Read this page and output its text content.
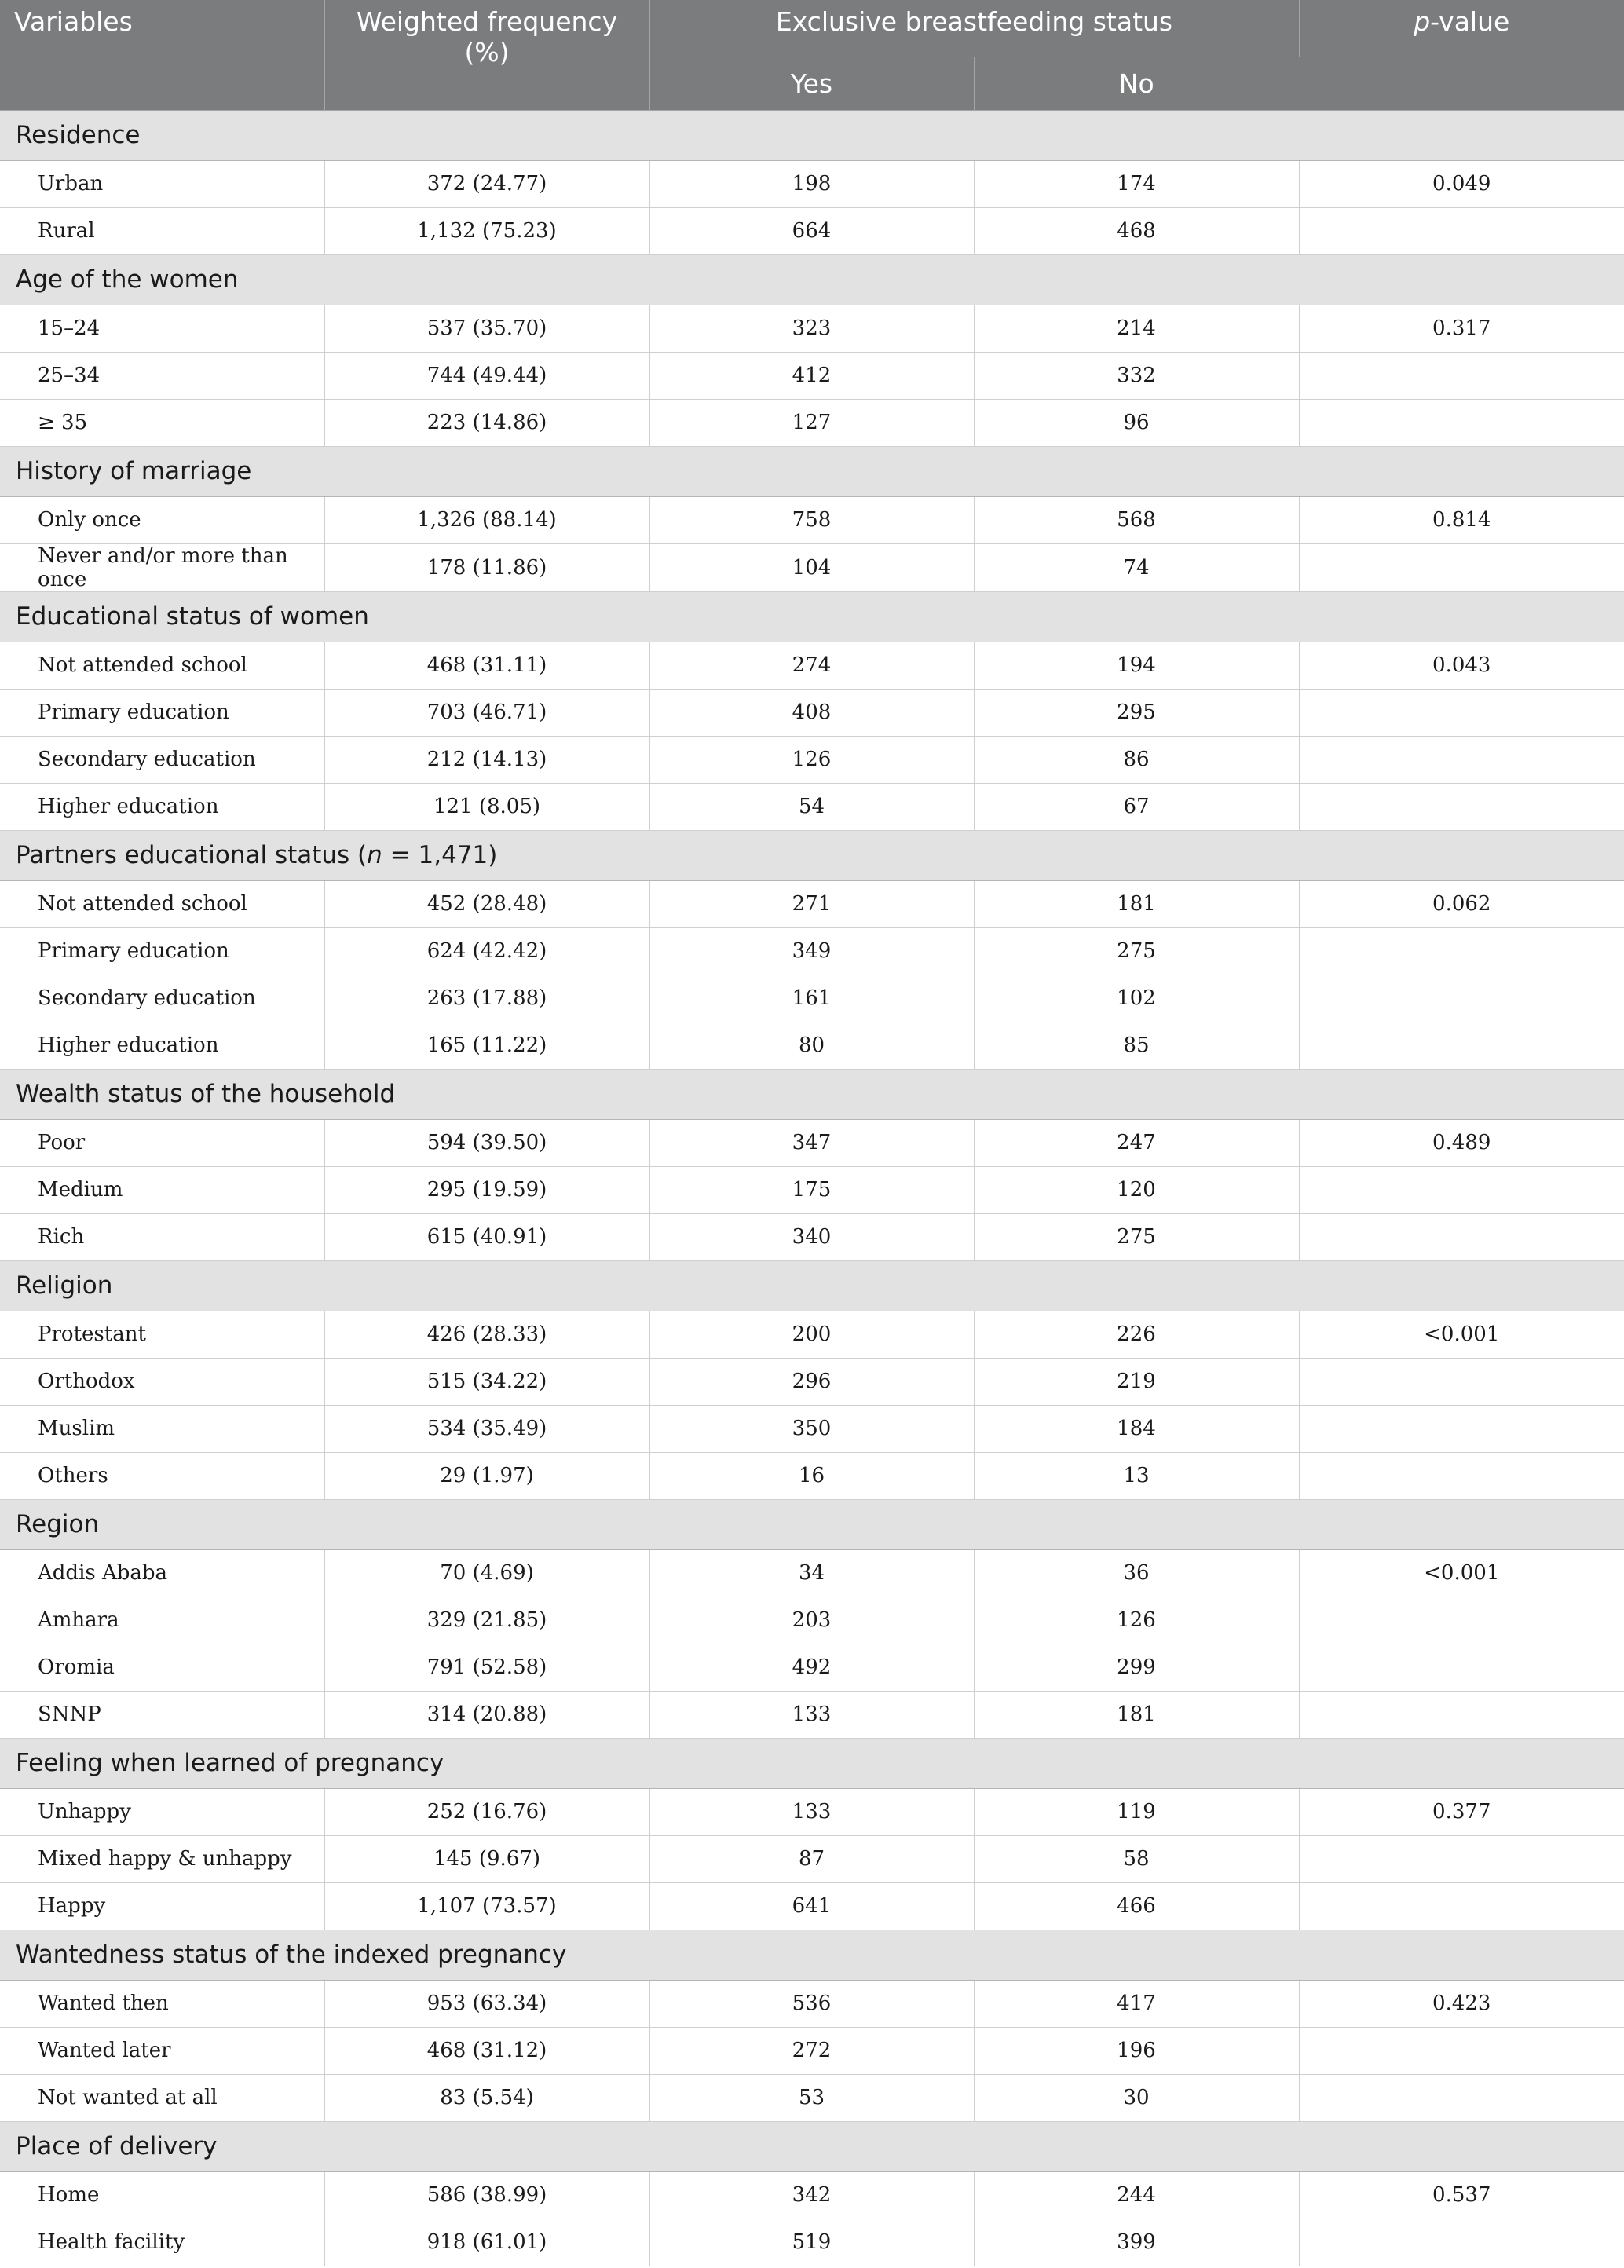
Variables	Weighted frequency (%)	Exclusive breastfeeding status		p-value
		Yes	No	
Residence				
Urban	372 (24.77)	198	174	0.049
Rural	1,132 (75.23)	664	468	
Age of the women				
15–24	537 (35.70)	323	214	0.317
25–34	744 (49.44)	412	332	
≥ 35	223 (14.86)	127	96	
History of marriage				
Only once	1,326 (88.14)	758	568	0.814
Never and/or more than once	178 (11.86)	104	74	
Educational status of women				
Not attended school	468 (31.11)	274	194	0.043
Primary education	703 (46.71)	408	295	
Secondary education	212 (14.13)	126	86	
Higher education	121 (8.05)	54	67	
Partners educational status (n = 1,471)				
Not attended school	452 (28.48)	271	181	0.062
Primary education	624 (42.42)	349	275	
Secondary education	263 (17.88)	161	102	
Higher education	165 (11.22)	80	85	
Wealth status of the household				
Poor	594 (39.50)	347	247	0.489
Medium	295 (19.59)	175	120	
Rich	615 (40.91)	340	275	
Religion				
Protestant	426 (28.33)	200	226	<0.001
Orthodox	515 (34.22)	296	219	
Muslim	534 (35.49)	350	184	
Others	29 (1.97)	16	13	
Region				
Addis Ababa	70 (4.69)	34	36	<0.001
Amhara	329 (21.85)	203	126	
Oromia	791 (52.58)	492	299	
SNNP	314 (20.88)	133	181	
Feeling when learned of pregnancy				
Unhappy	252 (16.76)	133	119	0.377
Mixed happy & unhappy	145 (9.67)	87	58	
Happy	1,107 (73.57)	641	466	
Wantedness status of the indexed pregnancy				
Wanted then	953 (63.34)	536	417	0.423
Wanted later	468 (31.12)	272	196	
Not wanted at all	83 (5.54)	53	30	
Place of delivery				
Home	586 (38.99)	342	244	0.537
Health facility	918 (61.01)	519	399	
